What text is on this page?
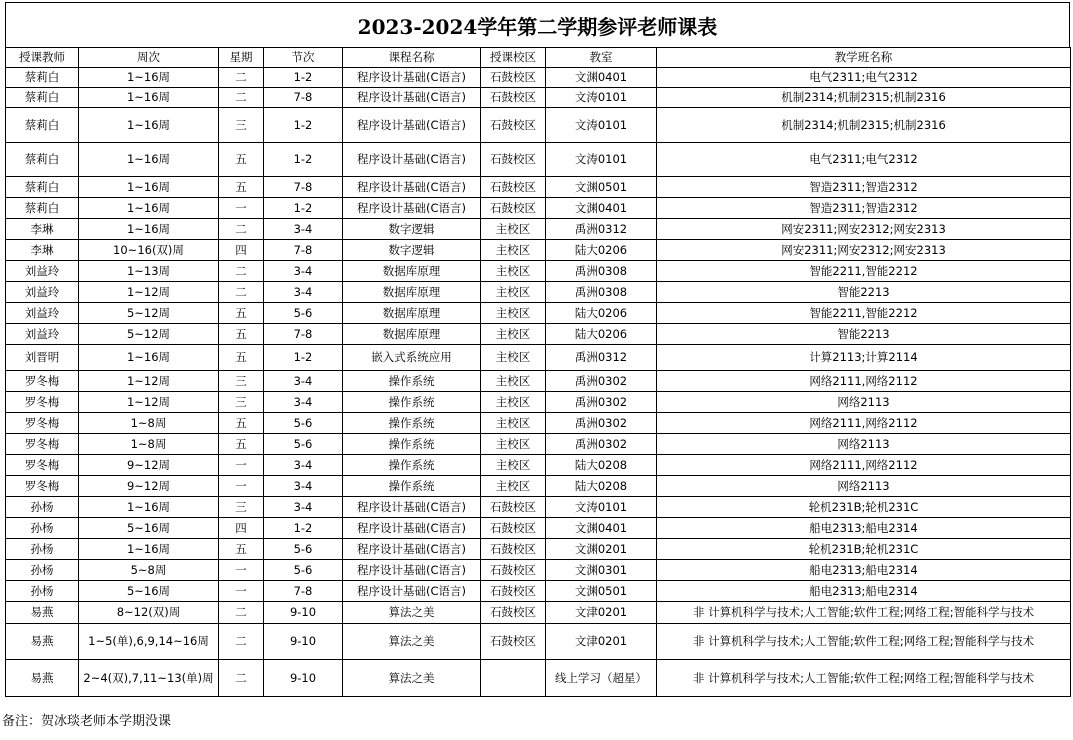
2023-2024学年第二学期参评老师课表
授课教师	周次	星期	节次	课程名称	授课校区	教室	教学班名称
蔡莉白	1~16周	二	1-2	程序设计基础(C语言)	石鼓校区	文渊0401	电气2311;电气2312
蔡莉白	1~16周	二	7-8	程序设计基础(C语言)	石鼓校区	文涛0101	机制2314;机制2315;机制2316
蔡莉白	1~16周	三	1-2	程序设计基础(C语言)	石鼓校区	文涛0101	机制2314;机制2315;机制2316
蔡莉白	1~16周	五	1-2	程序设计基础(C语言)	石鼓校区	文涛0101	电气2311;电气2312
蔡莉白	1~16周	五	7-8	程序设计基础(C语言)	石鼓校区	文渊0501	智造2311;智造2312
蔡莉白	1~16周	一	1-2	程序设计基础(C语言)	石鼓校区	文渊0401	智造2311;智造2312
李琳	1~16周	二	3-4	数字逻辑	主校区	禹洲0312	网安2311;网安2312;网安2313
李琳	10~16(双)周	四	7-8	数字逻辑	主校区	陆大0206	网安2311;网安2312;网安2313
刘益玲	1~13周	二	3-4	数据库原理	主校区	禹洲0308	智能2211,智能2212
刘益玲	1~12周	二	3-4	数据库原理	主校区	禹洲0308	智能2213
刘益玲	5~12周	五	5-6	数据库原理	主校区	陆大0206	智能2211,智能2212
刘益玲	5~12周	五	7-8	数据库原理	主校区	陆大0206	智能2213
刘晋明	1~16周	五	1-2	嵌入式系统应用	主校区	禹洲0312	计算2113;计算2114
罗冬梅	1~12周	三	3-4	操作系统	主校区	禹洲0302	网络2111,网络2112
罗冬梅	1~12周	三	3-4	操作系统	主校区	禹洲0302	网络2113
罗冬梅	1~8周	五	5-6	操作系统	主校区	禹洲0302	网络2111,网络2112
罗冬梅	1~8周	五	5-6	操作系统	主校区	禹洲0302	网络2113
罗冬梅	9~12周	一	3-4	操作系统	主校区	陆大0208	网络2111,网络2112
罗冬梅	9~12周	一	3-4	操作系统	主校区	陆大0208	网络2113
孙杨	1~16周	三	3-4	程序设计基础(C语言)	石鼓校区	文涛0101	轮机231B;轮机231C
孙杨	5~16周	四	1-2	程序设计基础(C语言)	石鼓校区	文渊0401	船电2313;船电2314
孙杨	1~16周	五	5-6	程序设计基础(C语言)	石鼓校区	文渊0201	轮机231B;轮机231C
孙杨	5~8周	一	5-6	程序设计基础(C语言)	石鼓校区	文渊0301	船电2313;船电2314
孙杨	5~16周	一	7-8	程序设计基础(C语言)	石鼓校区	文渊0501	船电2313;船电2314
易燕	8~12(双)周	二	9-10	算法之美	石鼓校区	文津0201	非 计算机科学与技术;人工智能;软件工程;网络工程;智能科学与技术
易燕	1~5(单),6,9,14~16周	二	9-10	算法之美	石鼓校区	文津0201	非 计算机科学与技术;人工智能;软件工程;网络工程;智能科学与技术
易燕	2~4(双),7,11~13(单)周	二	9-10	算法之美		线上学习（超星）	非 计算机科学与技术;人工智能;软件工程;网络工程;智能科学与技术
备注：贺冰琰老师本学期没课
